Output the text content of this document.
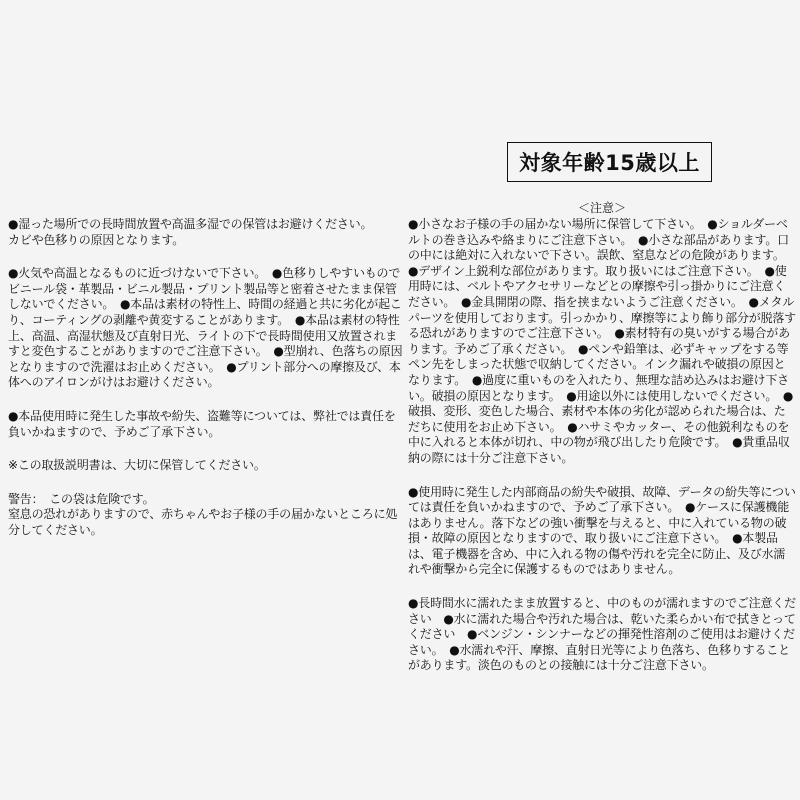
対象年齢15歳以上
＜注意＞

●湿った場所での長時間放置や高温多湿での保管はお避けください。
カビや色移りの原因となります。

●火気や高温となるものに近づけないで下さい。　●色移りしやすいものでビニール袋・革製品・ビニル製品・プリント製品等と密着させたまま保管しないでください。　●本品は素材の特性上、時間の経過と共に劣化が起こり、コーティングの剥離や黄変することがあります。　●本品は素材の特性上、高温、高湿状態及び直射日光、ライトの下で長時間使用又放置されますと変色することがありますのでご注意下さい。　●型崩れ、色落ちの原因となりますので洗濯はお止めください。　●プリント部分への摩擦及び、本体へのアイロンがけはお避けください。

●本品使用時に発生した事故や紛失、盗難等については、弊社では責任を負いかねますので、予めご了承下さい。

※この取扱説明書は、大切に保管してください。

警告：　この袋は危険です。
窒息の恐れがありますので、赤ちゃんやお子様の手の届かないところに処分してください。

●小さなお子様の手の届かない場所に保管して下さい。　●ショルダーベルトの巻き込みや絡まりにご注意下さい。　●小さな部品があります。口の中には絶対に入れないで下さい。誤飲、窒息などの危険があります。　●デザイン上鋭利な部位があります。取り扱いにはご注意下さい。　●使用時には、ベルトやアクセサリーなどとの摩擦や引っ掛かりにご注意ください。　●金具開閉の際、指を挟まないようご注意ください。　●メタルパーツを使用しております。引っかかり、摩擦等により飾り部分が脱落する恐れがありますのでご注意下さい。　●素材特有の臭いがする場合があります。予めご了承ください。　●ペンや鉛筆は、必ずキャップをする等ペン先をしまった状態で収納してください。インク漏れや破損の原因となります。　●過度に重いものを入れたり、無理な詰め込みはお避け下さい。破損の原因となります。　●用途以外には使用しないでください。　●破損、変形、変色した場合、素材や本体の劣化が認められた場合は、ただちに使用をお止め下さい。　●ハサミやカッター、その他鋭利なものを中に入れると本体が切れ、中の物が飛び出したり危険です。　●貴重品収納の際には十分ご注意下さい。

●使用時に発生した内部商品の紛失や破損、故障、データの紛失等については責任を負いかねますので、予めご了承下さい。　●ケースに保護機能はありません。落下などの強い衝撃を与えると、中に入れている物の破損・故障の原因となりますので、取り扱いにご注意下さい。　●本製品は、電子機器を含め、中に入れる物の傷や汚れを完全に防止、及び水濡れや衝撃から完全に保護するものではありません。

●長時間水に濡れたまま放置すると、中のものが濡れますのでご注意ください　●水に濡れた場合や汚れた場合は、乾いた柔らかい布で拭きとってください　●ベンジン・シンナーなどの揮発性溶剤のご使用はお避けください。　●水濡れや汗、摩擦、直射日光等により色落ち、色移りすることがあります。淡色のものとの接触には十分ご注意下さい。
